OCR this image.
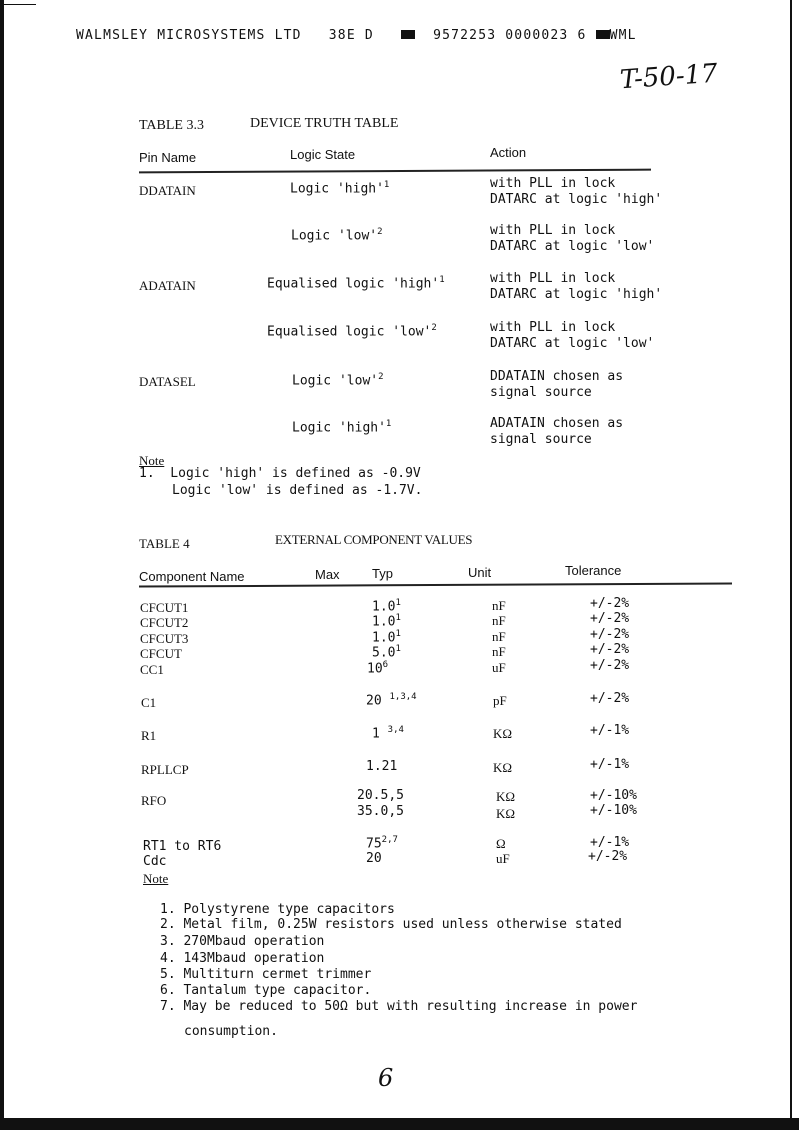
WALMSLEY MICROSYSTEMS LTD 38E D	9572253 0000023 6 WML
T-50-17
TABLE 3.3	DEVICE TRUTH TABLE
Pin Name	Logic State	Action
DDATAIN	Logic '$high'^1$	with PLL in lock
DATARC at logic 'high'
Logic '$low'^2$	with PLL in lock
DATARC at logic 'low'
ADATAIN	Equalised logic '$high'^1$	with PLL in lock
DATARC at logic 'high'
Equalised logic '$low'^2$	with PLL in lock
DATARC at logic 'low'
DATASEL	Logic '$low'^2$	DDATAIN chosen as
signal source
Logic '$high'^1$	ADATAIN chosen as
signal source
Note
1.  Logic 'high' is defined as -0.9V
Logic 'low' is defined as -1.7V.
TABLE 4	EXTERNAL COMPONENT VALUES
Component Name	Max Typ	Unit	Tolerance
CFCUT1	$1.0^1$	nF	+/-2%
CFCUT2	$1.0^1$	nF	+/-2%
CFCUT3	$1.0^1$	nF	+/-2%
CFCUT	$5.0^1$	nF	+/-2%
CC1	$10^6$	uF	+/-2%
C1	20 $^{1,3,4}$	pF	+/-2%
R1	1 $^{3,4}$	KΩ	+/-1%
RPLLCP	1.21	KΩ	+/-1%
RFO	20.5,5	KΩ	+/-10%
35.0,5	KΩ	+/-10%
RT1 to RT6	75$^{2,7}$	Ω	+/-1%
Cdc	20	uF	+/-2%
Note
1. Polystyrene type capacitors
2. Metal film, 0.25W resistors used unless otherwise stated
3. 270Mbaud operation
4. 143Mbaud operation
5. Multiturn cermet trimmer
6. Tantalum type capacitor.
7. May be reduced to 50Ω but with resulting increase in power
consumption.
6
